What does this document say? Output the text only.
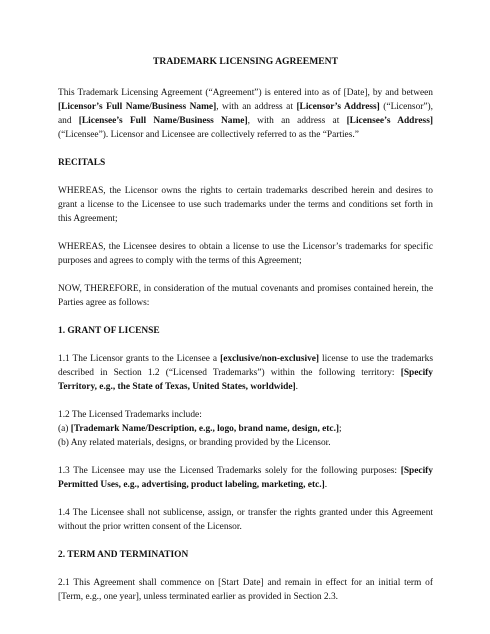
TRADEMARK LICENSING AGREEMENT

This Trademark Licensing Agreement (“Agreement”) is entered into as of [Date], by and between [Licensor’s Full Name/Business Name], with an address at [Licensor’s Address] (“Licensor”), and [Licensee’s Full Name/Business Name], with an address at [Licensee’s Address] (“Licensee”). Licensor and Licensee are collectively referred to as the “Parties.”

RECITALS

WHEREAS, the Licensor owns the rights to certain trademarks described herein and desires to grant a license to the Licensee to use such trademarks under the terms and conditions set forth in this Agreement;

WHEREAS, the Licensee desires to obtain a license to use the Licensor’s trademarks for specific purposes and agrees to comply with the terms of this Agreement;

NOW, THEREFORE, in consideration of the mutual covenants and promises contained herein, the Parties agree as follows:

1. GRANT OF LICENSE

1.1 The Licensor grants to the Licensee a [exclusive/non-exclusive] license to use the trademarks described in Section 1.2 (“Licensed Trademarks”) within the following territory: [Specify Territory, e.g., the State of Texas, United States, worldwide].

1.2 The Licensed Trademarks include:

(a) [Trademark Name/Description, e.g., logo, brand name, design, etc.];

(b) Any related materials, designs, or branding provided by the Licensor.

1.3 The Licensee may use the Licensed Trademarks solely for the following purposes: [Specify Permitted Uses, e.g., advertising, product labeling, marketing, etc.].

1.4 The Licensee shall not sublicense, assign, or transfer the rights granted under this Agreement without the prior written consent of the Licensor.

2. TERM AND TERMINATION

2.1 This Agreement shall commence on [Start Date] and remain in effect for an initial term of [Term, e.g., one year], unless terminated earlier as provided in Section 2.3.
